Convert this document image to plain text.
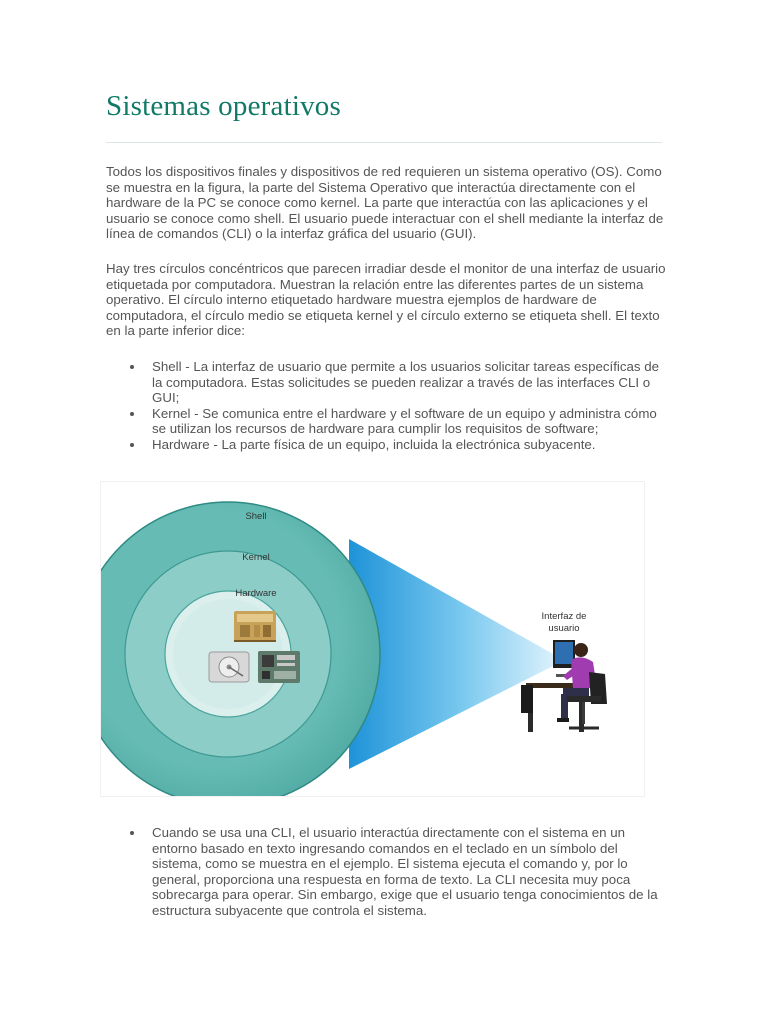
Sistemas operativos

Todos los dispositivos finales y dispositivos de red requieren un sistema operativo (OS). Como se muestra en la figura, la parte del Sistema Operativo que interactúa directamente con el hardware de la PC se conoce como kernel. La parte que interactúa con las aplicaciones y el usuario se conoce como shell. El usuario puede interactuar con el shell mediante la interfaz de línea de comandos (CLI) o la interfaz gráfica del usuario (GUI).

Hay tres círculos concéntricos que parecen irradiar desde el monitor de una interfaz de usuario etiquetada por computadora. Muestran la relación entre las diferentes partes de un sistema operativo. El círculo interno etiquetado hardware muestra ejemplos de hardware de computadora, el círculo medio se etiqueta kernel y el círculo externo se etiqueta shell. El texto en la parte inferior dice:

Shell - La interfaz de usuario que permite a los usuarios solicitar tareas específicas de la computadora. Estas solicitudes se pueden realizar a través de las interfaces CLI o GUI;
Kernel - Se comunica entre el hardware y el software de un equipo y administra cómo se utilizan los recursos de hardware para cumplir los requisitos de software;
Hardware - La parte física de un equipo, incluida la electrónica subyacente.
Shell
Kernel
Hardware
Interfaz de
usuario
Cuando se usa una CLI, el usuario interactúa directamente con el sistema en un entorno basado en texto ingresando comandos en el teclado en un símbolo del sistema, como se muestra en el ejemplo. El sistema ejecuta el comando y, por lo general, proporciona una respuesta en forma de texto. La CLI necesita muy poca sobrecarga para operar. Sin embargo, exige que el usuario tenga conocimientos de la estructura subyacente que controla el sistema.
